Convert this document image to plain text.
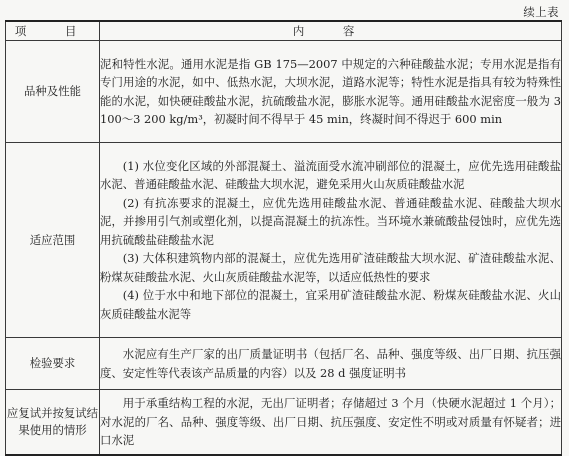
续上表
项　目	内　容
品种及性能	泥和特性水泥。通用水泥是指 GB 175—2007 中规定的六种硅酸盐水泥；专用水泥是指有专门用途的水泥，如中、低热水泥，大坝水泥，道路水泥等；特性水泥是指具有较为特殊性能的水泥，如快硬硅酸盐水泥，抗硫酸盐水泥，膨胀水泥等。通用硅酸盐水泥密度一般为 3 100～3 200 kg/m³，初凝时间不得早于 45 min，终凝时间不得迟于 600 min

适应范围	(1) 水位变化区域的外部混凝土、溢流面受水流冲刷部位的混凝土，应优先选用硅酸盐水泥、普通硅酸盐水泥、硅酸盐大坝水泥，避免采用火山灰质硅酸盐水泥

(2) 有抗冻要求的混凝土，应优先选用硅酸盐水泥、普通硅酸盐水泥、硅酸盐大坝水泥，并掺用引气剂或塑化剂，以提高混凝土的抗冻性。当环境水兼硫酸盐侵蚀时，应优先选用抗硫酸盐硅酸盐水泥

(3) 大体积建筑物内部的混凝土，应优先选用矿渣硅酸盐大坝水泥、矿渣硅酸盐水泥、粉煤灰硅酸盐水泥、火山灰质硅酸盐水泥等，以适应低热性的要求

(4) 位于水中和地下部位的混凝土，宜采用矿渣硅酸盐水泥、粉煤灰硅酸盐水泥、火山灰质硅酸盐水泥等

检验要求	水泥应有生产厂家的出厂质量证明书（包括厂名、品种、强度等级、出厂日期、抗压强度、安定性等代表该产品质量的内容）以及 28 d 强度证明书

应复试并按复试结果使用的情形	用于承重结构工程的水泥，无出厂证明者；存储超过 3 个月（快硬水泥超过 1 个月）；对水泥的厂名、品种、强度等级、出厂日期、抗压强度、安定性不明或对质量有怀疑者；进口水泥
